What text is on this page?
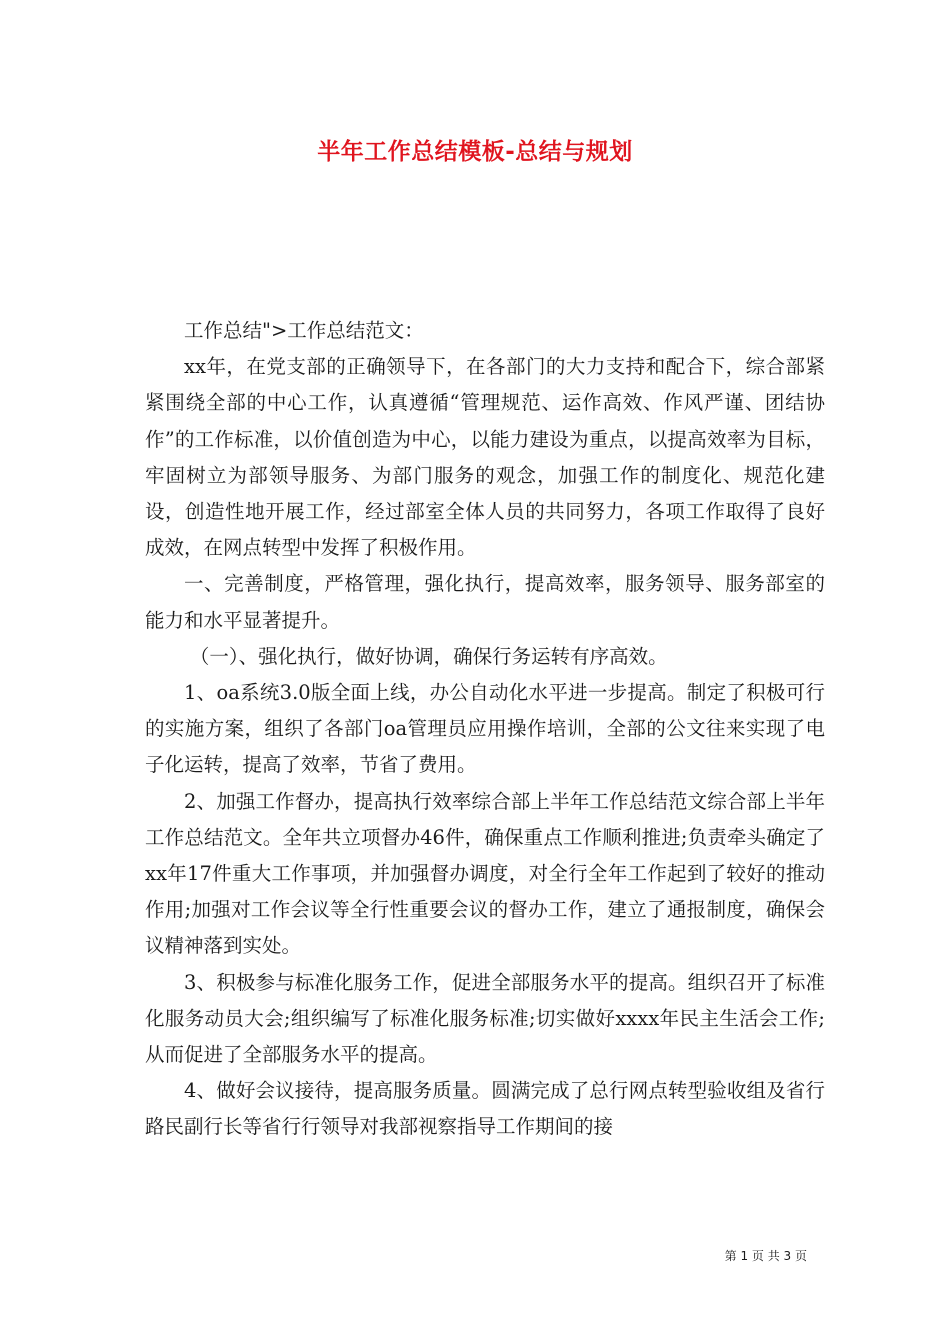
半年工作总结模板-总结与规划

工作总结">工作总结范文：

xx年，在党支部的正确领导下，在各部门的大力支持和配合下，综合部紧紧围绕全部的中心工作，认真遵循“管理规范、运作高效、作风严谨、团结协作”的工作标准，以价值创造为中心，以能力建设为重点，以提高效率为目标，牢固树立为部领导服务、为部门服务的观念，加强工作的制度化、规范化建设，创造性地开展工作，经过部室全体人员的共同努力，各项工作取得了良好成效，在网点转型中发挥了积极作用。

一、完善制度，严格管理，强化执行，提高效率，服务领导、服务部室的能力和水平显著提升。

（一）、强化执行，做好协调，确保行务运转有序高效。

1、oa系统3.0版全面上线，办公自动化水平进一步提高。制定了积极可行的实施方案，组织了各部门oa管理员应用操作培训，全部的公文往来实现了电子化运转，提高了效率，节省了费用。

2、加强工作督办，提高执行效率综合部上半年工作总结范文综合部上半年工作总结范文。全年共立项督办46件，确保重点工作顺利推进;负责牵头确定了xx年17件重大工作事项，并加强督办调度，对全行全年工作起到了较好的推动作用;加强对工作会议等全行性重要会议的督办工作，建立了通报制度，确保会议精神落到实处。

3、积极参与标准化服务工作，促进全部服务水平的提高。组织召开了标准化服务动员大会;组织编写了标准化服务标准;切实做好xxxx年民主生活会工作;从而促进了全部服务水平的提高。

4、做好会议接待，提高服务质量。圆满完成了总行网点转型验收组及省行路民副行长等省行行领导对我部视察指导工作期间的接

第 1 页 共 3 页
